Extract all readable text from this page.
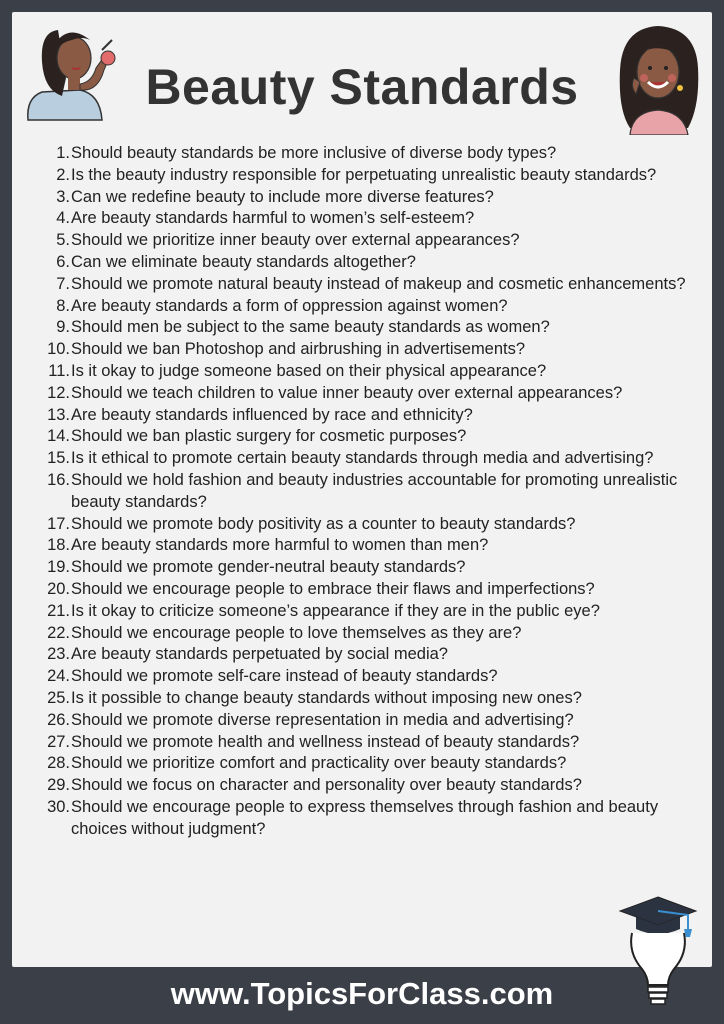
Beauty Standards
1. Should beauty standards be more inclusive of diverse body types?
2. Is the beauty industry responsible for perpetuating unrealistic beauty standards?
3. Can we redefine beauty to include more diverse features?
4. Are beauty standards harmful to women’s self-esteem?
5. Should we prioritize inner beauty over external appearances?
6. Can we eliminate beauty standards altogether?
7. Should we promote natural beauty instead of makeup and cosmetic enhancements?
8. Are beauty standards a form of oppression against women?
9. Should men be subject to the same beauty standards as women?
10. Should we ban Photoshop and airbrushing in advertisements?
11. Is it okay to judge someone based on their physical appearance?
12. Should we teach children to value inner beauty over external appearances?
13. Are beauty standards influenced by race and ethnicity?
14. Should we ban plastic surgery for cosmetic purposes?
15. Is it ethical to promote certain beauty standards through media and advertising?
16. Should we hold fashion and beauty industries accountable for promoting unrealistic beauty standards?
17. Should we promote body positivity as a counter to beauty standards?
18. Are beauty standards more harmful to women than men?
19. Should we promote gender-neutral beauty standards?
20. Should we encourage people to embrace their flaws and imperfections?
21. Is it okay to criticize someone’s appearance if they are in the public eye?
22. Should we encourage people to love themselves as they are?
23. Are beauty standards perpetuated by social media?
24. Should we promote self-care instead of beauty standards?
25. Is it possible to change beauty standards without imposing new ones?
26. Should we promote diverse representation in media and advertising?
27. Should we promote health and wellness instead of beauty standards?
28. Should we prioritize comfort and practicality over beauty standards?
29. Should we focus on character and personality over beauty standards?
30. Should we encourage people to express themselves through fashion and beauty choices without judgment?
www.TopicsForClass.com
